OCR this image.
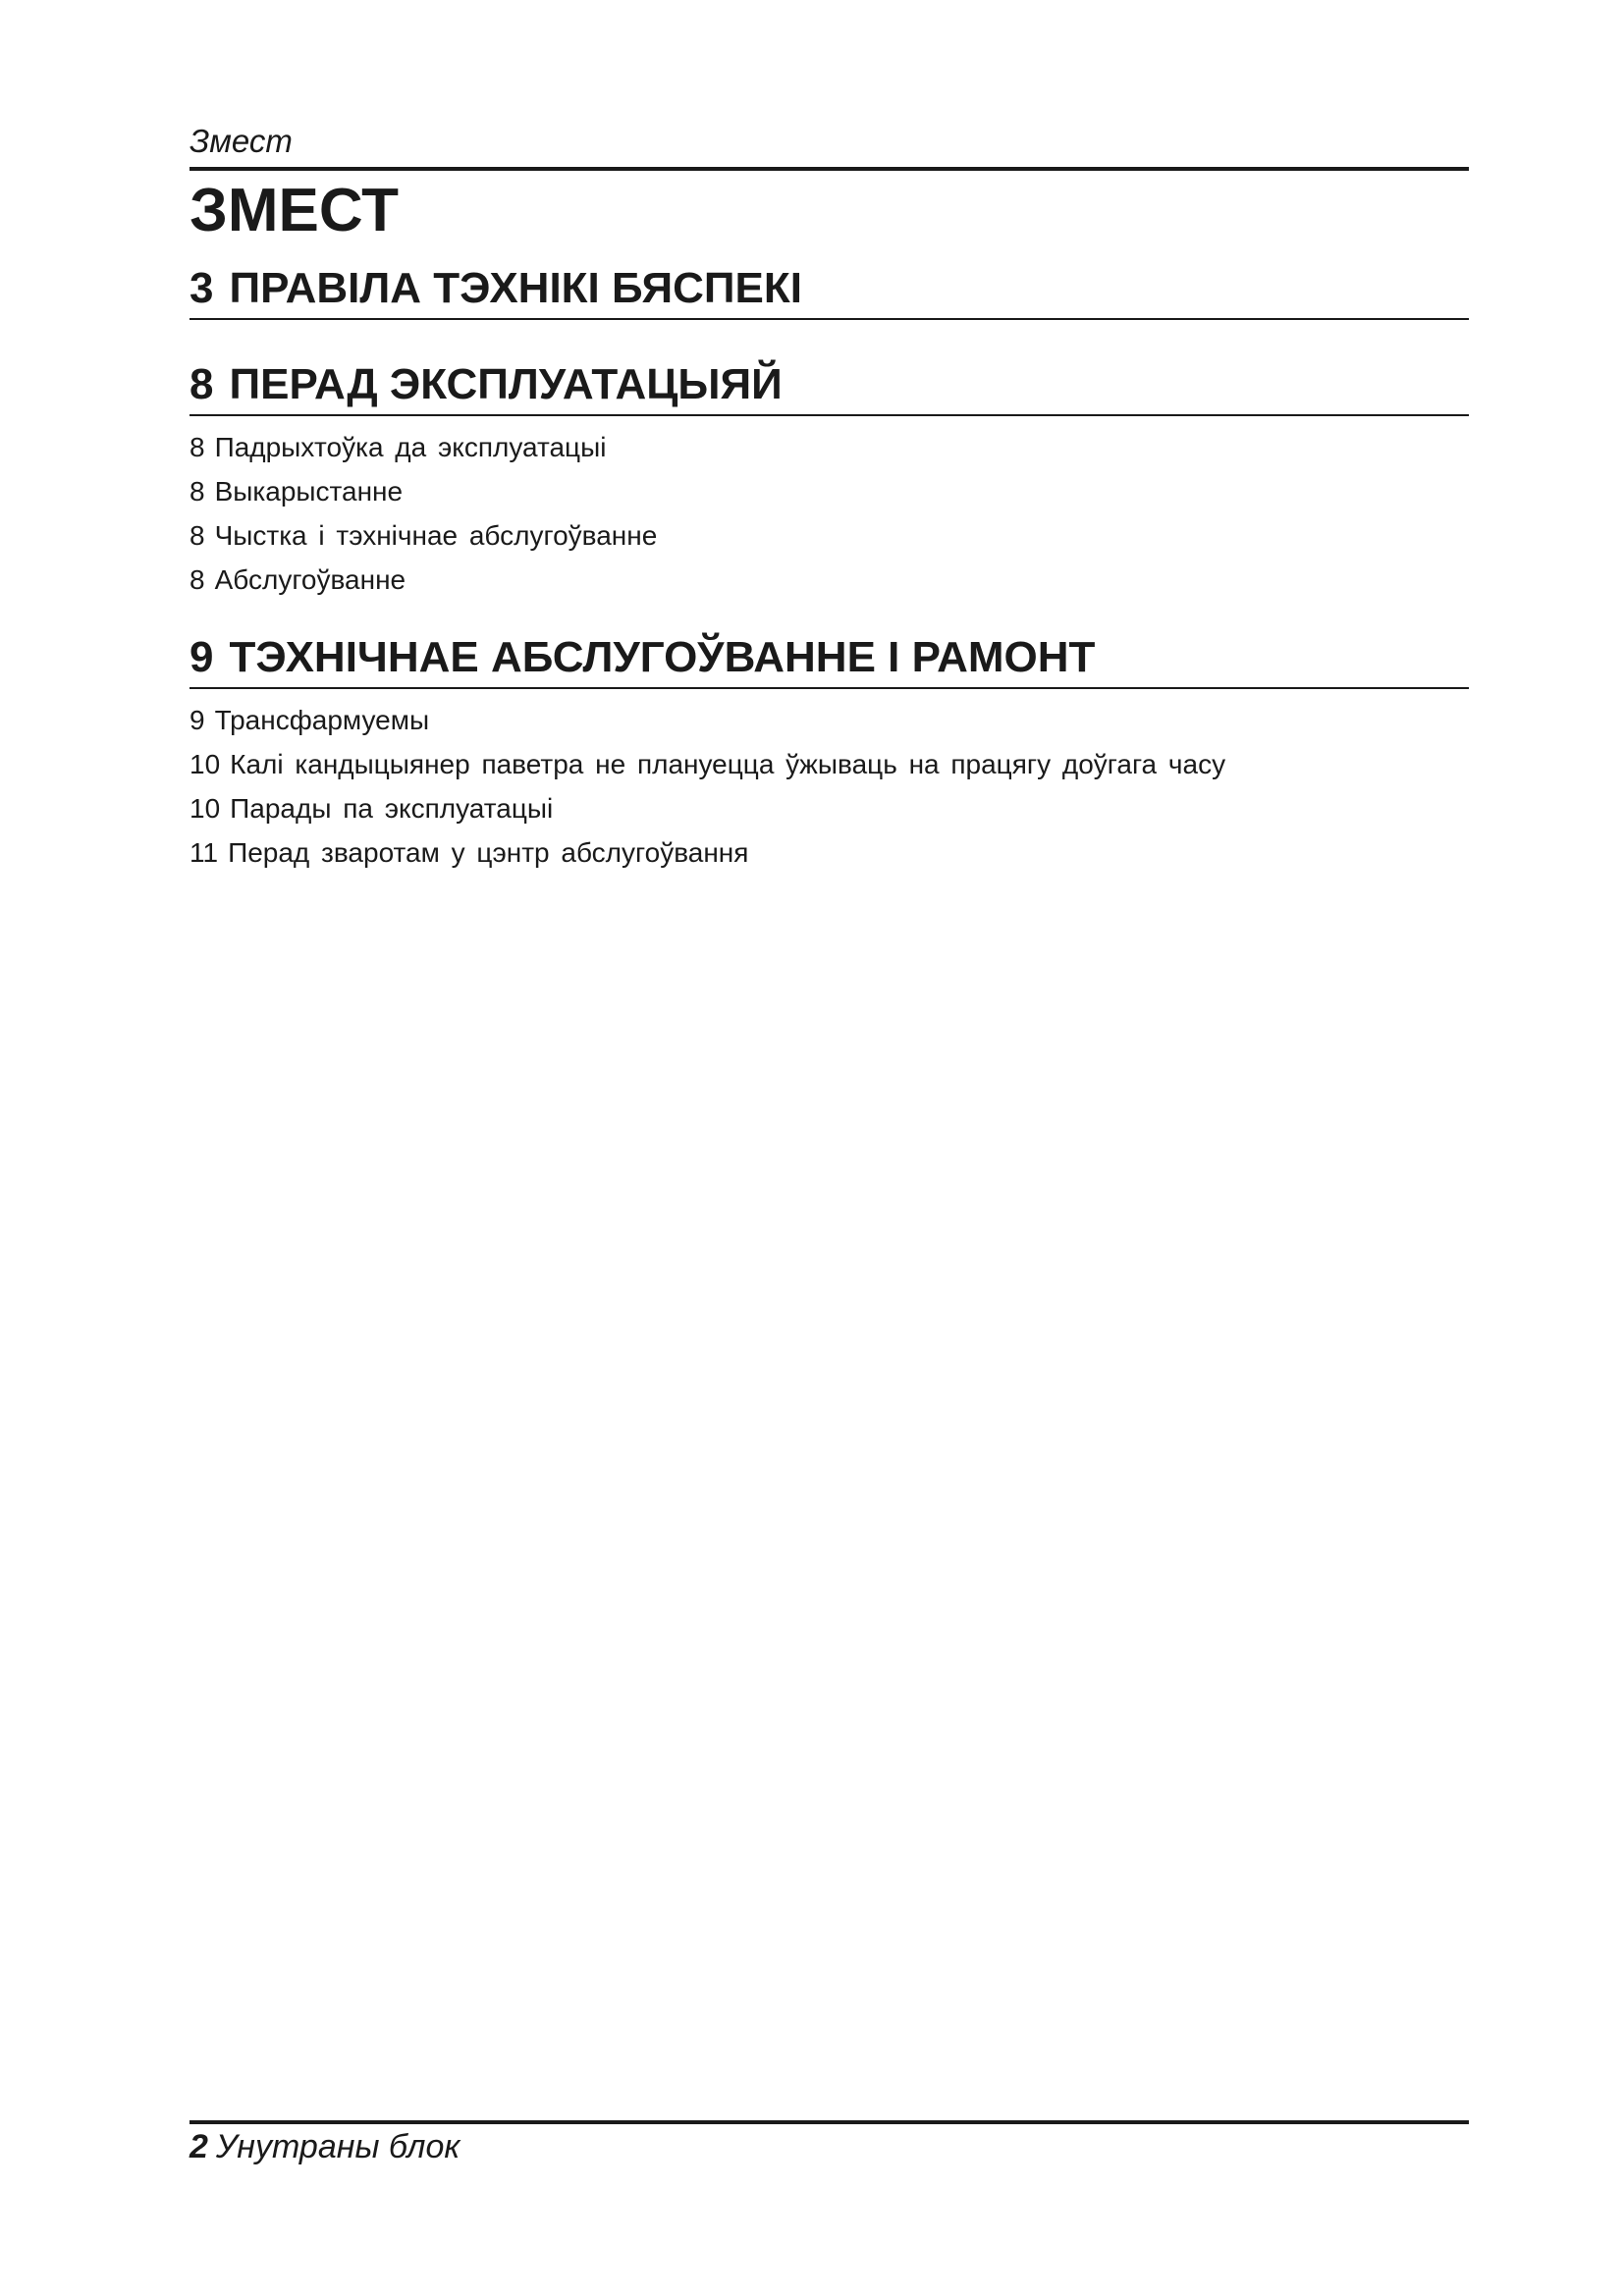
Змест
ЗМЕСТ
3 ПРАВІЛА ТЭХНІКІ БЯСПЕКІ
8 ПЕРАД ЭКСПЛУАТАЦЫЯЙ
8 Падрыхтоўка да эксплуатацыі
8 Выкарыстанне
8 Чыстка і тэхнічнае абслугоўванне
8 Абслугоўванне
9 ТЭХНІЧНАЕ АБСЛУГОЎВАННЕ І РАМОНТ
9 Трансфармуемы
10 Калі кандыцыянер паветра не плануецца ўжываць на працягу доўгага часу
10 Парады па эксплуатацыі
11 Перад зваротам у цэнтр абслугоўвання
2 Унутраны блок
